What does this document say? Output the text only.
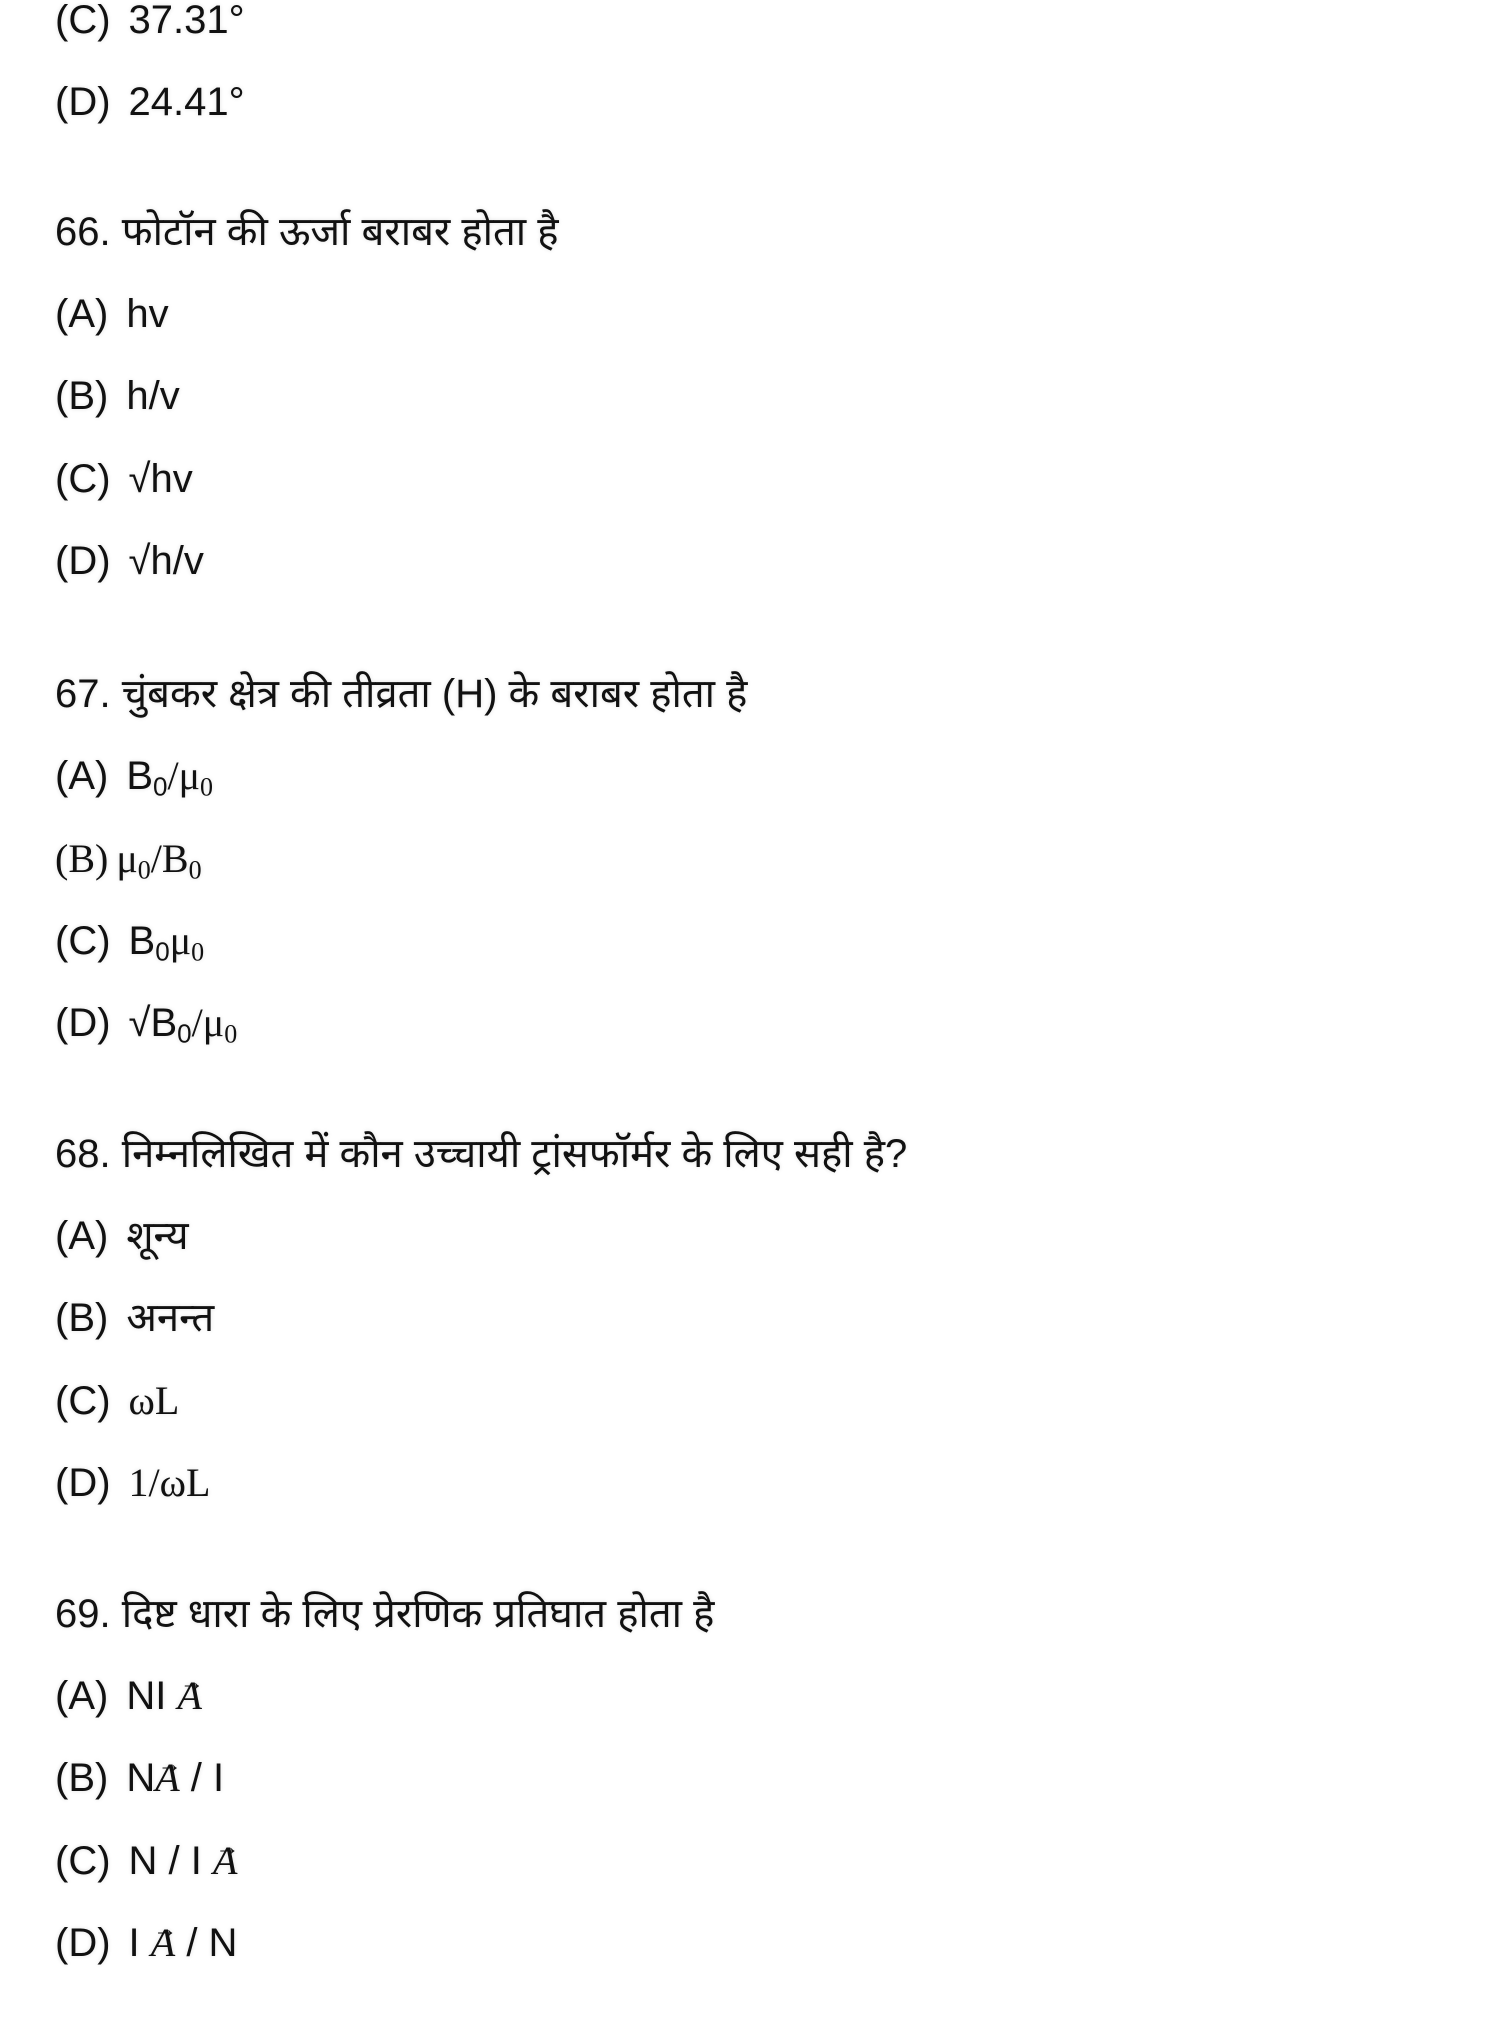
(C) 37.31°
(D) 24.41°
66. फोटॉन की ऊर्जा बराबर होता है
(A) hv
(B) h/v
(C) √hv
(D) √h/v
67. चुंबकर क्षेत्र की तीव्रता (H) के बराबर होता है
(A) $B_0/\mu_0$
(B) $\mu_0/B_0$
(C) $B_0\mu_0$
(D) $√B_0/\mu_0$
68. निम्नलिखित में कौन उच्चायी ट्रांसफॉर्मर के लिए सही है?
(A) शून्य
(B) अनन्त
(C) ωL
(D) 1/ωL
69. दिष्ट धारा के लिए प्रेरणिक प्रतिघात होता है
(A) NI → A
(B) N→ A / I
(C) N / I → A
(D) I → A / N
